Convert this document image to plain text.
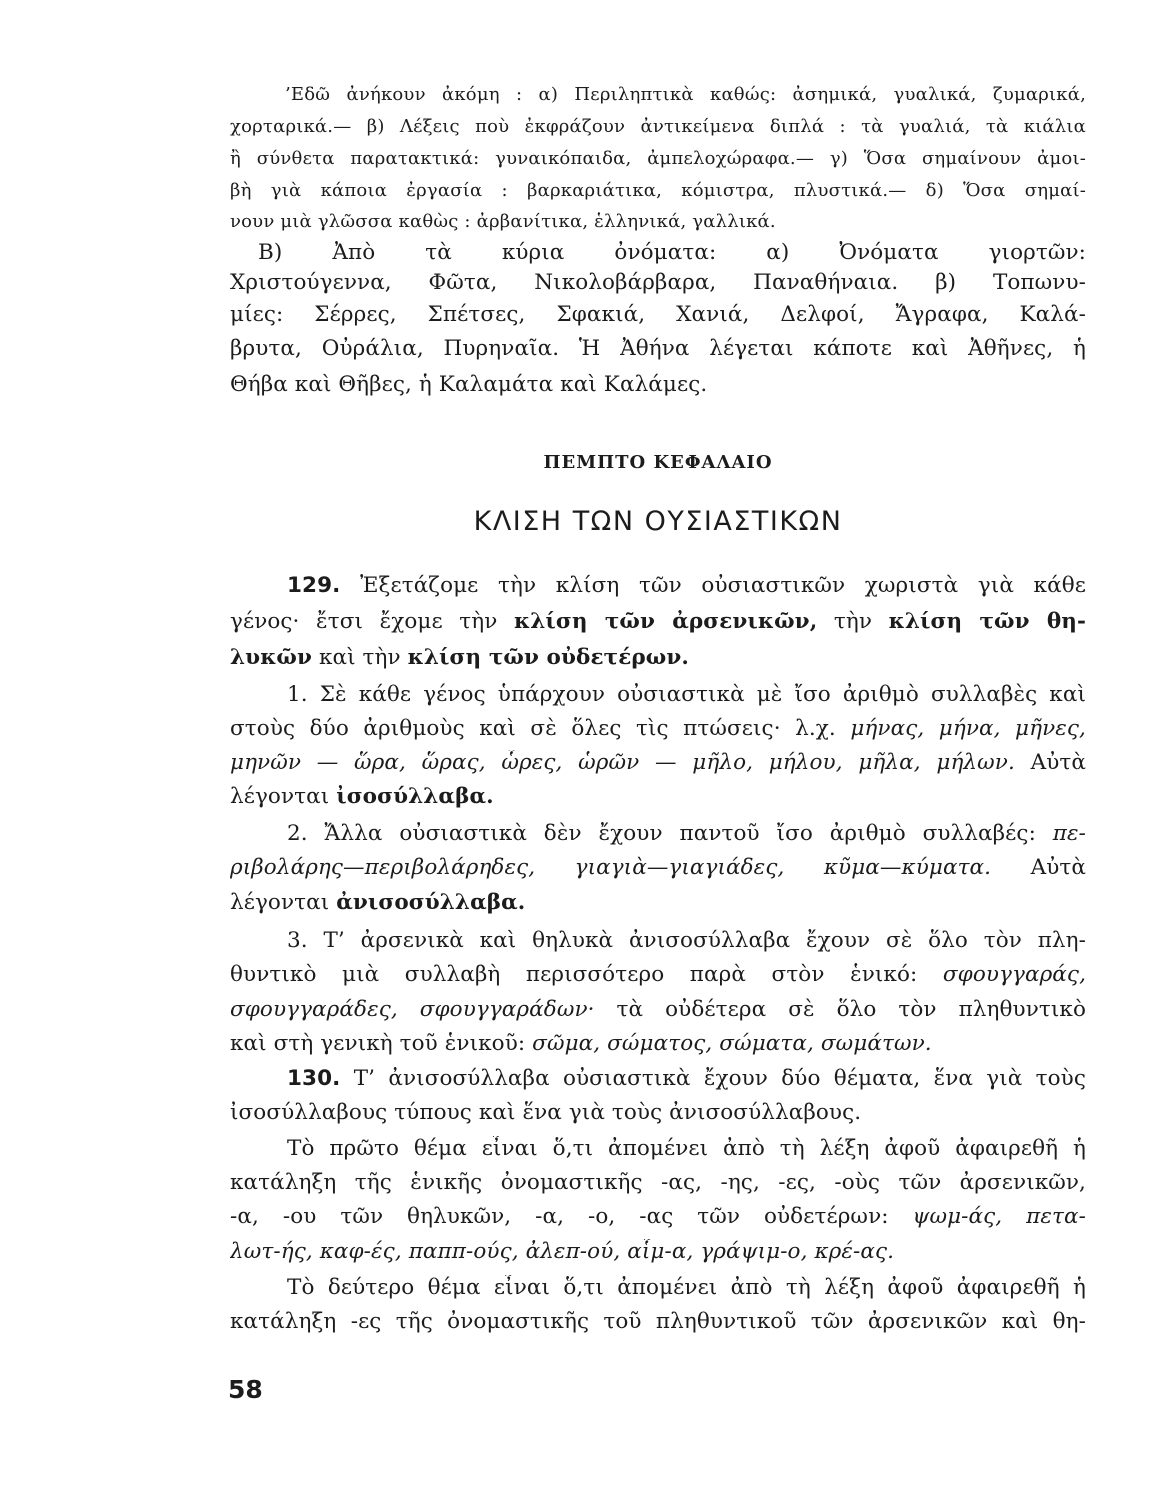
’Εδῶ ἀνήκουν ἀκόμη : α) Περιληπτικὰ καθώς: ἀσημικά, γυαλικά, ζυμαρικά,
χορταρικά.— β) Λέξεις ποὺ ἐκφράζουν ἀντικείμενα διπλά : τὰ γυαλιά, τὰ κιάλια
ἢ σύνθετα παρατακτικά: γυναικόπαιδα, ἀμπελοχώραφα.— γ) Ὅσα σημαίνουν ἀμοι-
βὴ γιὰ κάποια ἐργασία : βαρκαριάτικα, κόμιστρα, πλυστικά.— δ) Ὅσα σημαί-
νουν μιὰ γλῶσσα καθὼς : ἀρβανίτικα, ἑλληνικά, γαλλικά.
Β) Ἀπὸ τὰ κύρια ὀνόματα: α) Ὀνόματα γιορτῶν:
Χριστούγεννα, Φῶτα, Νικολοβάρβαρα, Παναθήναια. β) Τοπωνυ-
μίες: Σέρρες, Σπέτσες, Σφακιά, Χανιά, Δελφοί, Ἄγραφα, Καλά-
βρυτα, Οὐράλια, Πυρηναῖα. Ἡ Ἀθήνα λέγεται κάποτε καὶ Ἀθῆνες, ἡ
Θήβα καὶ Θῆβες, ἡ Καλαμάτα καὶ Καλάμες.
ΠΕΜΠΤΟ ΚΕΦΑΛΑΙΟ
ΚΛΙΣΗ ΤΩΝ ΟΥΣΙΑΣΤΙΚΩΝ
129. Ἐξετάζομε τὴν κλίση τῶν οὐσιαστικῶν χωριστὰ γιὰ κάθε
γένος· ἔτσι ἔχομε τὴν κλίση τῶν ἀρσενικῶν, τὴν κλίση τῶν θη-
λυκῶν καὶ τὴν κλίση τῶν οὐδετέρων.
1. Σὲ κάθε γένος ὑπάρχουν οὐσιαστικὰ μὲ ἴσο ἀριθμὸ συλλαβὲς καὶ
στοὺς δύο ἀριθμοὺς καὶ σὲ ὅλες τὶς πτώσεις· λ.χ. μήνας, μήνα, μῆνες,
μηνῶν — ὥρα, ὥρας, ὧρες, ὡρῶν — μῆλο, μήλου, μῆλα, μήλων. Αὐτὰ
λέγονται ἰσοσύλλαβα.
2. Ἄλλα οὐσιαστικὰ δὲν ἔχουν παντοῦ ἴσο ἀριθμὸ συλλαβές: πε-
ριβολάρης—περιβολάρηδες, γιαγιὰ—γιαγιάδες, κῦμα—κύματα. Αὐτὰ
λέγονται ἀνισοσύλλαβα.
3. Τ’ ἀρσενικὰ καὶ θηλυκὰ ἀνισοσύλλαβα ἔχουν σὲ ὅλο τὸν πλη-
θυντικὸ μιὰ συλλαβὴ περισσότερο παρὰ στὸν ἑνικό: σφουγγαράς,
σφουγγαράδες, σφουγγαράδων· τὰ οὐδέτερα σὲ ὅλο τὸν πληθυντικὸ
καὶ στὴ γενικὴ τοῦ ἑνικοῦ: σῶμα, σώματος, σώματα, σωμάτων.
130. Τ’ ἀνισοσύλλαβα οὐσιαστικὰ ἔχουν δύο θέματα, ἕνα γιὰ τοὺς
ἰσοσύλλαβους τύπους καὶ ἕνα γιὰ τοὺς ἀνισοσύλλαβους.
Τὸ πρῶτο θέμα εἶναι ὅ,τι ἀπομένει ἀπὸ τὴ λέξη ἀφοῦ ἀφαιρεθῆ ἡ
κατάληξη τῆς ἑνικῆς ὀνομαστικῆς -ας, -ης, -ες, -οὺς τῶν ἀρσενικῶν,
-α, -ου τῶν θηλυκῶν, -α, -ο, -ας τῶν οὐδετέρων: ψωμ-άς, πετα-
λωτ-ής, καφ-ές, παππ-ούς, ἀλεπ-ού, αἷμ-α, γράψιμ-ο, κρέ-ας.
Τὸ δεύτερο θέμα εἶναι ὅ,τι ἀπομένει ἀπὸ τὴ λέξη ἀφοῦ ἀφαιρεθῆ ἡ
κατάληξη -ες τῆς ὀνομαστικῆς τοῦ πληθυντικοῦ τῶν ἀρσενικῶν καὶ θη-
58
